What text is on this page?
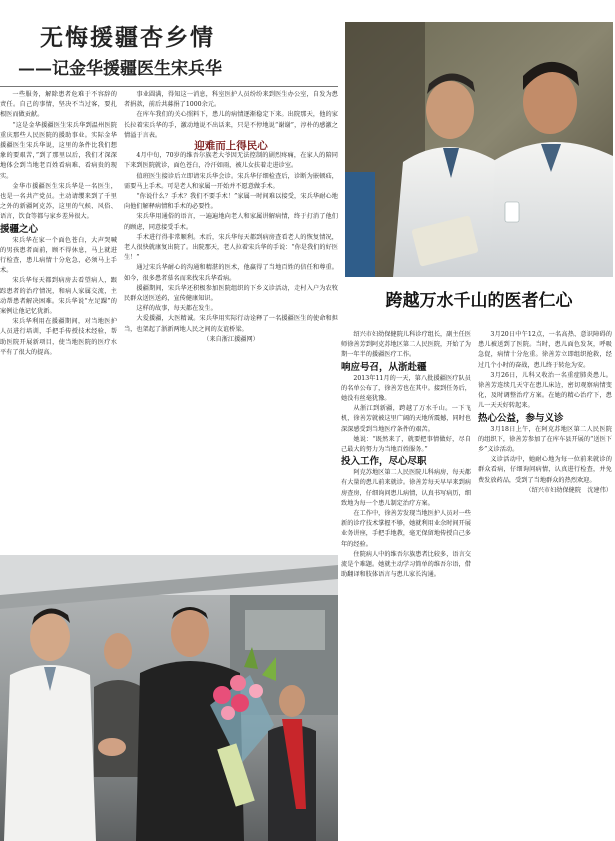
无悔援疆杏乡情
——记金华援疆医生宋兵华

一些服务，解除患者危难于不容辞的责任。自己的事情，坚决不当过客，要扎根医而做贡献。

“这是金华援疆医生宋兵华到温州医院重庆那些人民医院的援助事业。实际金华援疆医生宋兵华说，这里的条件比我们想象的要艰苦，”到了那里以后，我们才深深地体会到当地老百姓看病难、看病贵的现实。

金华市援疆医生宋兵华是一名医生，也是一名共产党员。主动请缨来到了千里之外的新疆阿克苏，这里的气候、风俗、语言，饮食等都与家乡差异很大。

援疆之心

宋兵华在家一个面色苍白，大声哭喊的男孩患者面前，顾不得休息，马上就进行检查，患儿病情十分危急，必须马上手术。

宋兵华每天都到病房去看望病人，跟踪患者的治疗情况，和病人家属交流，主动帮患者解决困难。宋兵华说“左足踝”的案例让他记忆犹新。

宋兵华利用在援疆期间，对当地医护人员进行培训，手把手传授技术经验，帮助医院开展新项目，使当地医院的医疗水平有了很大的提高。

事业圆满，得知这一消息，科室医护人员纷纷来到医生办公室，自发为患者捐款，前后共募捐了1000余元。

在库车我们的关心照料下，患儿的病情逐渐稳定下来。出院那天，他的家长拉着宋兵华的手，激动地说不出话来，只是不停地说“谢谢”，淳朴的感激之情溢于言表。

迎难而上得民心

4月中旬，70岁的维吾尔族老大爷因无法控制的剧烈疼痛，在家人的陪同下来到医院就诊，面色苍白，冷汗如雨，被儿女扶着走进诊室。

值班医生接诊后立即请宋兵华会诊。宋兵华仔细检查后，诊断为嵌顿疝，需要马上手术。可是老人和家属一开始并不愿意做手术。

“你说什么？手术？我们不要手术！”家属一时间难以接受，宋兵华耐心地向他们解释病情和手术的必要性。

宋兵华用通俗的语言，一遍遍地向老人和家属讲解病情，终于打消了他们的顾虑，同意接受手术。

手术进行得非常顺利。术后，宋兵华每天都到病房查看老人的恢复情况，老人很快就康复出院了。出院那天，老人拉着宋兵华的手说：“你是我们的好医生！”

通过宋兵华耐心的沟通和精湛的医术，他赢得了当地百姓的信任和尊重。如今，很多患者慕名而来找宋兵华看病。

援疆期间，宋兵华还积极参加医院组织的下乡义诊活动，走村入户为农牧民群众送医送药，宣传健康知识。

这样的故事，每天都在发生。

大爱援疆，大医精诚。宋兵华用实际行动诠释了一名援疆医生的使命和担当，也架起了浙新两地人民之间的友谊桥梁。

（来自浙江援疆网）

跨越万水千山的医者仁心

绍兴市妇幼保健院儿科诊疗组长，副主任医师徐善芳到阿克苏地区第二人民医院，开始了为期一年半的援疆医疗工作。

响应号召，从浙赴疆

2013年11月的一天，第八批援疆医疗队员的名单公布了，徐善芳也在其中。接到任务后，她没有丝毫犹豫。

从浙江到新疆，跨越了万水千山。一下飞机，徐善芳就被这里广阔的天地所震撼，同时也深深感受到当地医疗条件的艰苦。

她说：“既然来了，就要把事情做好，尽自己最大的努力为当地百姓服务。”

投入工作，尽心尽职

阿克苏地区第二人民医院儿科病房，每天都有大量的患儿前来就诊。徐善芳每天早早来到病房查房，仔细询问患儿病情，认真书写病历，细致地为每一个患儿制定治疗方案。

在工作中，徐善芳发现当地医护人员对一些新的诊疗技术掌握不够，她就利用业余时间开展业务讲座，手把手地教，毫无保留地传授自己多年的经验。

住院病人中的维吾尔族患者比较多，语言交流是个难题。她就主动学习简单的维吾尔语，借助翻译和肢体语言与患儿家长沟通。

3月20日中午12点，一名高热、意识障碍的患儿被送到了医院。当时，患儿面色发灰，呼吸急促，病情十分危重。徐善芳立即组织抢救，经过几个小时的奋战，患儿终于转危为安。

3月26日，儿科又收治一名重症肺炎患儿。徐善芳连续几天守在患儿床边，密切观察病情变化，及时调整治疗方案。在她的精心治疗下，患儿一天天好转起来。

热心公益，参与义诊

3月18日上午，在阿克苏地区第二人民医院的组织下，徐善芳参加了在库车县开展的“送医下乡”义诊活动。

义诊活动中，她耐心地为每一位前来就诊的群众看病，仔细询问病情，认真进行检查，并免费发放药品，受到了当地群众的热烈欢迎。

（绍兴市妇幼保健院　沈建伟）
